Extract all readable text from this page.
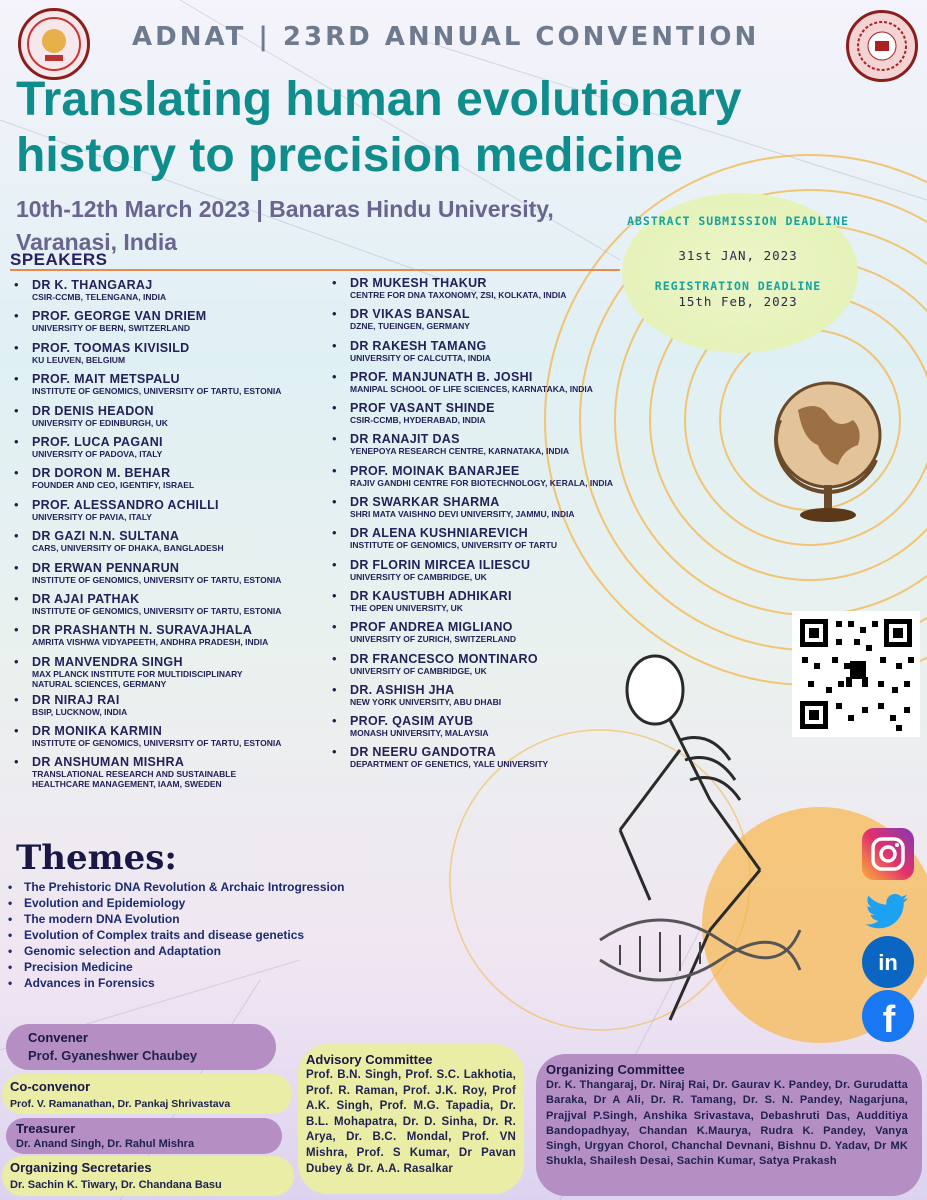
ADNAT | 23RD ANNUAL CONVENTION
Translating human evolutionary history to precision medicine
10th-12th March 2023 | Banaras Hindu University, Varanasi, India
ABSTRACT SUBMISSION DEADLINE
31st JAN, 2023
REGISTRATION DEADLINE
15th FeB, 2023
SPEAKERS
• DR K. THANGARAJ
CSIR-CCMB, TELENGANA, INDIA
• PROF. GEORGE VAN DRIEM
UNIVERSITY OF BERN, SWITZERLAND
• PROF. TOOMAS KIVISILD
KU LEUVEN, BELGIUM
• PROF. MAIT METSPALU
INSTITUTE OF GENOMICS, UNIVERSITY OF TARTU, ESTONIA
• DR DENIS HEADON
UNIVERSITY OF EDINBURGH, UK
• PROF. LUCA PAGANI
UNIVERSITY OF PADOVA, ITALY
• DR DORON M. BEHAR
FOUNDER AND CEO, IGENTIFY, ISRAEL
• PROF. ALESSANDRO ACHILLI
UNIVERSITY OF PAVIA, ITALY
• DR GAZI N.N. SULTANA
CARS, UNIVERSITY OF DHAKA, BANGLADESH
• DR ERWAN PENNARUN
INSTITUTE OF GENOMICS, UNIVERSITY OF TARTU, ESTONIA
• DR AJAI PATHAK
INSTITUTE OF GENOMICS, UNIVERSITY OF TARTU, ESTONIA
• DR PRASHANTH N. SURAVAJHALA
AMRITA VISHWA VIDYAPEETH, ANDHRA PRADESH, INDIA
• DR MANVENDRA SINGH
MAX PLANCK INSTITUTE FOR MULTIDISCIPLINARY NATURAL SCIENCES, GERMANY
• DR NIRAJ RAI
BSIP, LUCKNOW, INDIA
• DR MONIKA KARMIN
INSTITUTE OF GENOMICS, UNIVERSITY OF TARTU, ESTONIA
• DR ANSHUMAN MISHRA
TRANSLATIONAL RESEARCH AND SUSTAINABLE HEALTHCARE MANAGEMENT, IAAM, SWEDEN
• DR MUKESH THAKUR
CENTRE FOR DNA TAXONOMY, ZSI, KOLKATA, INDIA
• DR VIKAS BANSAL
DZNE, TUEINGEN, GERMANY
• DR RAKESH TAMANG
UNIVERSITY OF CALCUTTA, INDIA
• PROF. MANJUNATH B. JOSHI
MANIPAL SCHOOL OF LIFE SCIENCES, KARNATAKA, INDIA
• PROF VASANT SHINDE
CSIR-CCMB, HYDERABAD, INDIA
• DR RANAJIT DAS
YENEPOYA RESEARCH CENTRE, KARNATAKA, INDIA
• PROF. MOINAK BANARJEE
RAJIV GANDHI CENTRE FOR BIOTECHNOLOGY, KERALA, INDIA
• DR SWARKAR SHARMA
SHRI MATA VAISHNO DEVI UNIVERSITY, JAMMU, INDIA
• DR ALENA KUSHNIAREVICH
INSTITUTE OF GENOMICS, UNIVERSITY OF TARTU
• DR FLORIN MIRCEA ILIESCU
UNIVERSITY OF CAMBRIDGE, UK
• DR KAUSTUBH ADHIKARI
THE OPEN UNIVERSITY, UK
• PROF ANDREA MIGLIANO
UNIVERSITY OF ZURICH, SWITZERLAND
• DR FRANCESCO MONTINARO
UNIVERSITY OF CAMBRIDGE, UK
• DR. ASHISH JHA
NEW YORK UNIVERSITY, ABU DHABI
• PROF. QASIM AYUB
MONASH UNIVERSITY, MALAYSIA
• DR NEERU GANDOTRA
DEPARTMENT OF GENETICS, YALE UNIVERSITY
Themes:
• The Prehistoric DNA Revolution & Archaic Introgression
• Evolution and Epidemiology
• The modern DNA Evolution
• Evolution of Complex traits and disease genetics
• Genomic selection and Adaptation
• Precision Medicine
• Advances in Forensics
in
f
Convener
Prof. Gyaneshwer Chaubey
Co-convenor
Prof. V. Ramanathan, Dr. Pankaj Shrivastava
Treasurer
Dr. Anand Singh, Dr. Rahul Mishra
Organizing Secretaries
Dr. Sachin K. Tiwary, Dr. Chandana Basu
Advisory Committee
Prof. B.N. Singh, Prof. S.C. Lakhotia, Prof. R. Raman, Prof. J.K. Roy, Prof A.K. Singh, Prof. M.G. Tapadia, Dr. B.L. Mohapatra, Dr. D. Sinha, Dr. R. Arya, Dr. B.C. Mondal, Prof. VN Mishra, Prof. S Kumar, Dr Pavan Dubey & Dr. A.A. Rasalkar
Organizing Committee
Dr. K. Thangaraj, Dr. Niraj Rai, Dr. Gaurav K. Pandey, Dr. Gurudatta Baraka, Dr A Ali, Dr. R. Tamang, Dr. S. N. Pandey, Nagarjuna, Prajjval P.Singh, Anshika Srivastava, Debashruti Das, Audditiya Bandopadhyay, Chandan K.Maurya, Rudra K. Pandey, Vanya Singh, Urgyan Chorol, Chanchal Devnani, Bishnu D. Yadav, Dr MK Shukla, Shailesh Desai, Sachin Kumar, Satya Prakash
